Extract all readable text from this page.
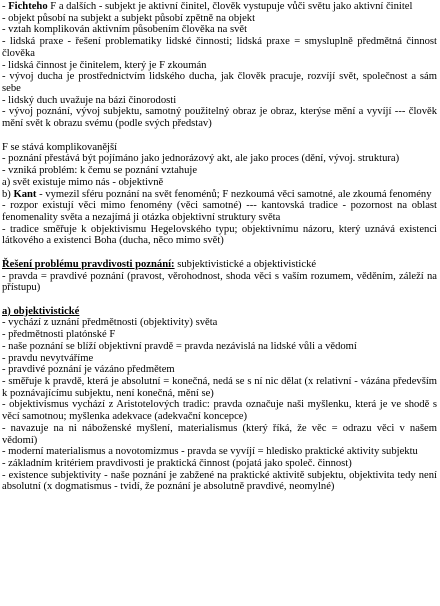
- Fichteho F a dalších - subjekt je aktivní činitel, člověk vystupuje vůči světu jako aktivní činitel
- objekt působí na subjekt a subjekt působí zpětně na objekt
- vztah komplikován aktivním působením člověka na svět
- lidská praxe - řešení problematiky lidské činnosti; lidská praxe = smysluplně předmětná činnost člověka
- lidská činnost je činitelem, který je F zkoumán
- vývoj ducha je prostřednictvím lidského ducha, jak člověk pracuje, rozvíjí svět, společnost a sám sebe
- lidský duch uvažuje na bázi činorodosti
- vývoj poznání, vývoj subjektu, samotný použitelný obraz je obraz, kterýse mění a vyvíjí --- člověk mění svět k obrazu svému (podle svých představ)
F se stává komplikovanější
- poznání přestává být pojímáno jako jednorázový akt, ale jako proces (dění, vývoj. struktura)
- vzniká problém: k čemu se poznání vztahuje
a) svět existuje mimo nás - objektivně
b) Kant - vymezil sféru poznání na svět fenoménů; F nezkoumá věci samotné, ale zkoumá fenomény
- rozpor existují věci mimo fenomény (věci samotné) --- kantovská tradice - pozornost na oblast fenomenality světa a nezajímá ji otázka objektivní struktury světa
- tradice směřuje k objektivismu Hegelovského typu; objektivnímu názoru, který uznává existenci látkového a existenci Boha (ducha, něco mimo svět)
Řešení problému pravdivosti poznání: subjektivistické a objektivistické
- pravda = pravdivé poznání (pravost, věrohodnost, shoda věci s vaším rozumem, věděním, záleží na přístupu)
a) objektivistické
- vychází z uznání předmětnosti (objektivity) světa
- předmětnosti platónské F
- naše poznání se blíží objektivní pravdě = pravda nezávislá na lidské vůli a vědomí
- pravdu nevytváříme
- pravdivé poznání je vázáno předmětem
- směřuje k pravdě, která je absolutní = konečná, nedá se s ní nic dělat (x relativní - vázána především k poznávajícímu subjektu, není konečná, mění se)
- objektivismus vychází z Aristotelových tradic: pravda označuje naši myšlenku, která je ve shodě s věcí samotnou; myšlenka adekvace (adekvační koncepce)
- navazuje na ni náboženské myšlení, materialismus (který říká, že věc = odrazu věci v našem vědomí)
- moderní materialismus a novotomizmus - pravda se vyvíjí = hledisko praktické aktivity subjektu
- základním kritériem pravdivosti je praktická činnost (pojatá jako společ. činnost)
- existence subjektivity - naše poznání je zabžené na praktické aktivitě subjektu, objektivita tedy není absolutní (x dogmatismus - tvidí, že poznání je absolutně pravdivé, neomylné)
